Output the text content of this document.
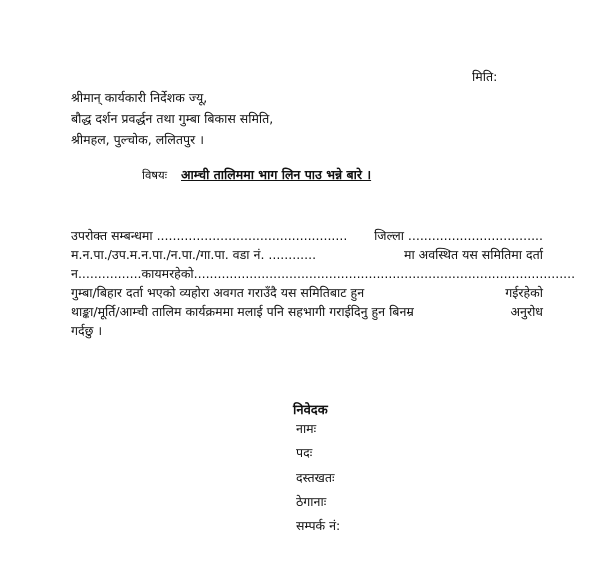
मिति:
श्रीमान् कार्यकारी निर्देशक ज्यू,
बौद्ध दर्शन प्रवर्द्धन तथा गुम्बा बिकास समिति,
श्रीमहल, पुल्चोक, ललितपुर ।
विषयः आम्ची तालिममा भाग लिन पाउ भन्ने बारे ।
उपरोक्त सम्बन्धमा ................................................ जिल्ला ..................................
म.न.पा./उप.म.न.पा./न.पा./गा.पा. वडा नं. ............	मा अवस्थित यस समितिमा दर्ता
न................कायमरहेको................................................................................................
गुम्बा/बिहार दर्ता भएको व्यहोरा अवगत गराउँदै यस समितिबाट हुन	गईरहेको
थाङ्का/मूर्ति/आम्ची तालिम कार्यक्रममा मलाई पनि सहभागी गराईदिनु हुन बिनम्र	अनुरोध
गर्दछु ।
निवेदक
नामः
पदः
दस्तखतः
ठेगानाः
सम्पर्क नं:
